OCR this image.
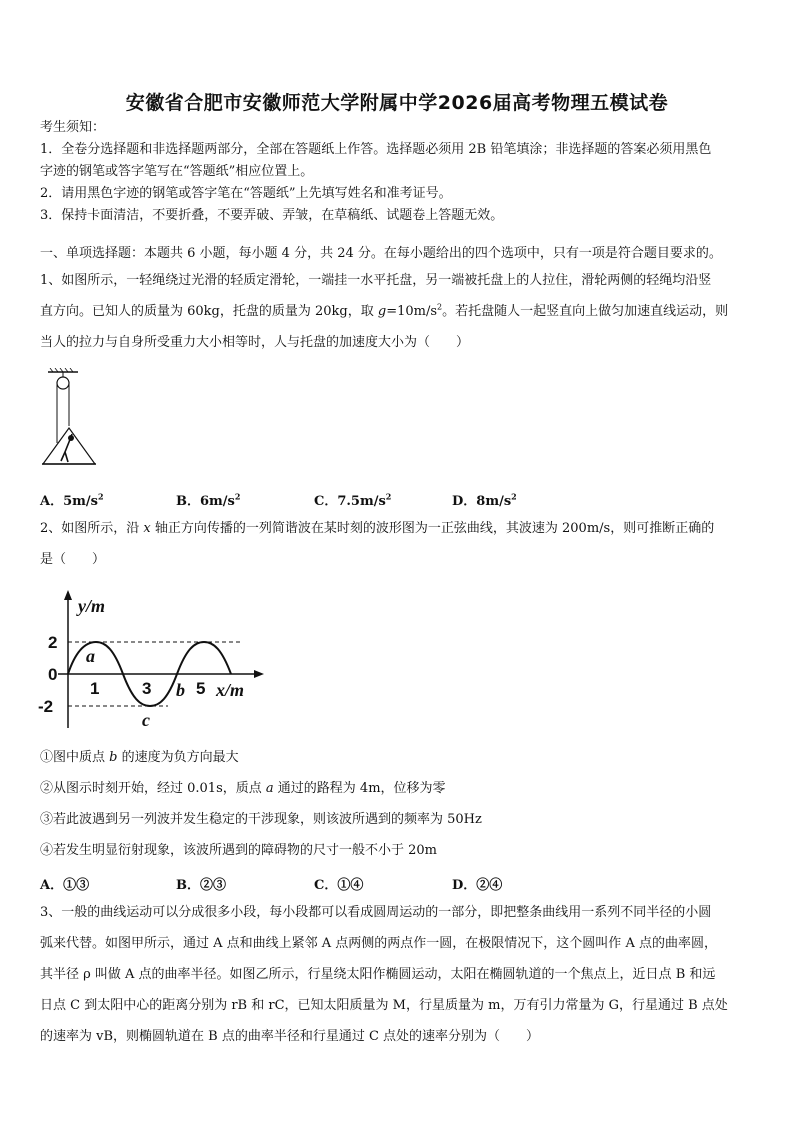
安徽省合肥市安徽师范大学附属中学2026届高考物理五模试卷
考生须知：
1．全卷分选择题和非选择题两部分，全部在答题纸上作答。选择题必须用 2B 铅笔填涂；非选择题的答案必须用黑色
字迹的钢笔或答字笔写在“答题纸”相应位置上。
2．请用黑色字迹的钢笔或答字笔在“答题纸”上先填写姓名和准考证号。
3．保持卡面清洁，不要折叠，不要弄破、弄皱，在草稿纸、试题卷上答题无效。
一、单项选择题：本题共 6 小题，每小题 4 分，共 24 分。在每小题给出的四个选项中，只有一项是符合题目要求的。
1、如图所示，一轻绳绕过光滑的轻质定滑轮，一端挂一水平托盘，另一端被托盘上的人拉住，滑轮两侧的轻绳均沿竖
直方向。已知人的质量为 60kg，托盘的质量为 20kg，取 $g=10m/s^2$。若托盘随人一起竖直向上做匀加速直线运动，则
当人的拉力与自身所受重力大小相等时，人与托盘的加速度大小为（　　）
A．$5m/s^2$	B．$6m/s^2$	C．$7.5m/s^2$	D．$8m/s^2$
2、如图所示，沿 x 轴正方向传播的一列简谐波在某时刻的波形图为一正弦曲线，其波速为 200m/s，则可推断正确的
是（　　）
2
0
-2
1	3	5
y/m
x/m
a
b
c
①图中质点 b 的速度为负方向最大
②从图示时刻开始，经过 0.01s，质点 a 通过的路程为 4m，位移为零
③若此波遇到另一列波并发生稳定的干涉现象，则该波所遇到的频率为 50Hz
④若发生明显衍射现象，该波所遇到的障碍物的尺寸一般不小于 20m
A．①③	B．②③	C．①④	D．②④
3、一般的曲线运动可以分成很多小段，每小段都可以看成圆周运动的一部分，即把整条曲线用一系列不同半径的小圆
弧来代替。如图甲所示，通过 A 点和曲线上紧邻 A 点两侧的两点作一圆，在极限情况下，这个圆叫作 A 点的曲率圆，
其半径 ρ 叫做 A 点的曲率半径。如图乙所示，行星绕太阳作椭圆运动，太阳在椭圆轨道的一个焦点上，近日点 B 和远
日点 C 到太阳中心的距离分别为 rB 和 rC，已知太阳质量为 M，行星质量为 m，万有引力常量为 G，行星通过 B 点处
的速率为 vB，则椭圆轨道在 B 点的曲率半径和行星通过 C 点处的速率分别为（　　）
